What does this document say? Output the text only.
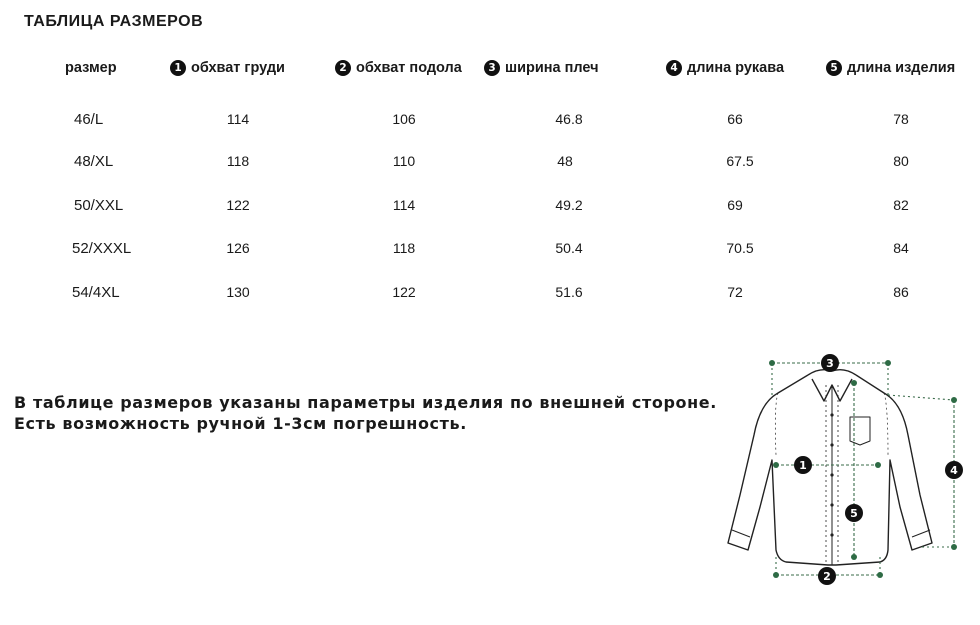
ТАБЛИЦА РАЗМЕРОВ
размер	1 обхват груди	2 обхват подола	3 ширина плеч	4 длина рукава	5 длина изделия
46/L	114	106	46.8	66	78
48/XL	118	110	48	67.5	80
50/XXL	122	114	49.2	69	82
52/XXXL	126	118	50.4	70.5	84
54/4XL	130	122	51.6	72	86
В таблице размеров указаны параметры изделия по внешней стороне.
Есть возможность ручной 1-3см погрешность.
3
1
5
2
4
